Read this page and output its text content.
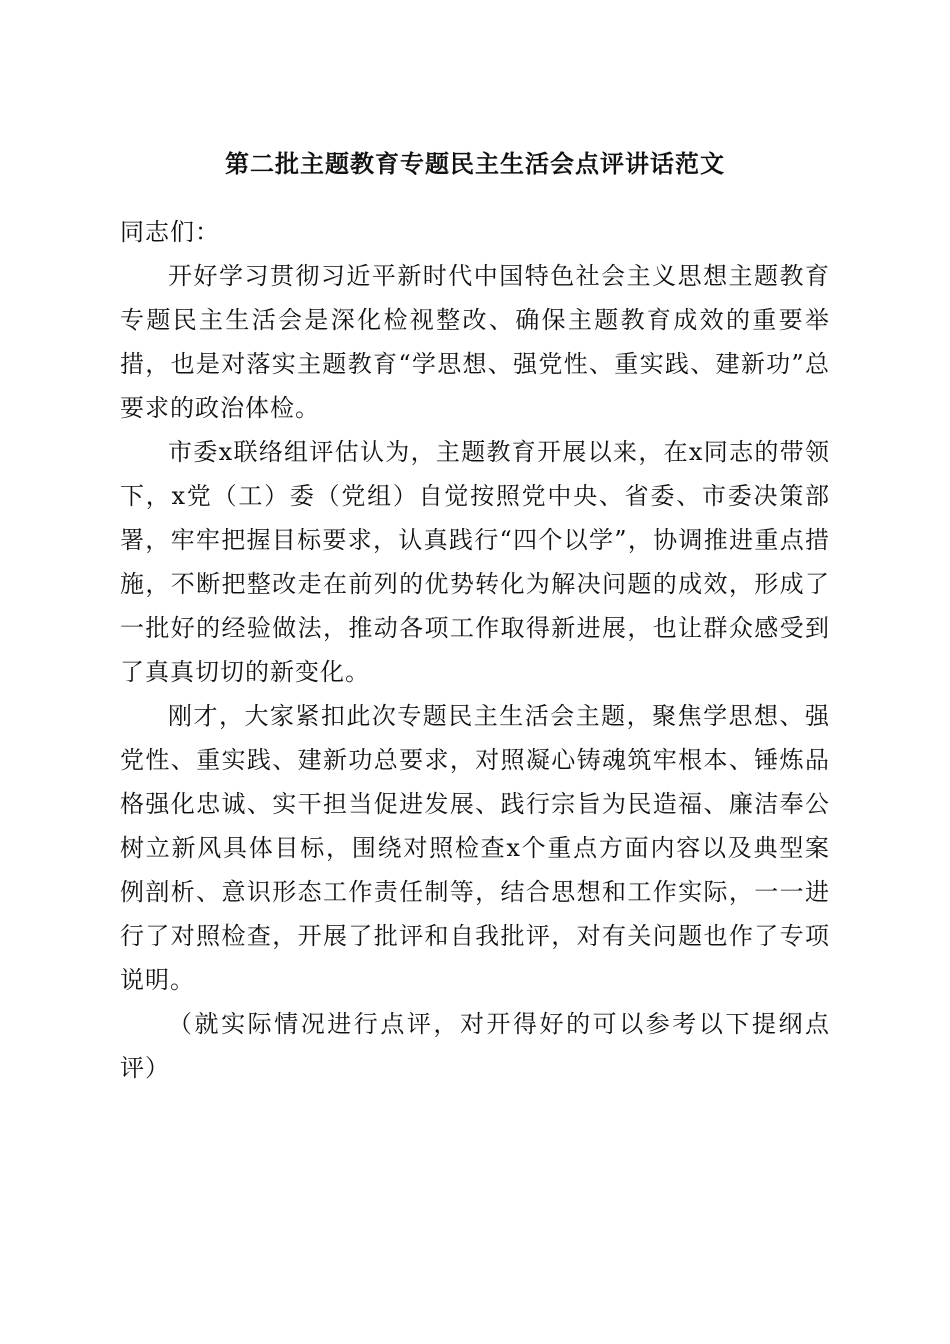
第二批主题教育专题民主生活会点评讲话范文

同志们：

开好学习贯彻习近平新时代中国特色社会主义思想主题教育专题民主生活会是深化检视整改、确保主题教育成效的重要举措，也是对落实主题教育“学思想、强党性、重实践、建新功”总要求的政治体检。

市委x联络组评估认为，主题教育开展以来，在x同志的带领下，x党（工）委（党组）自觉按照党中央、省委、市委决策部署，牢牢把握目标要求，认真践行“四个以学”，协调推进重点措施，不断把整改走在前列的优势转化为解决问题的成效，形成了一批好的经验做法，推动各项工作取得新进展，也让群众感受到了真真切切的新变化。

刚才，大家紧扣此次专题民主生活会主题，聚焦学思想、强党性、重实践、建新功总要求，对照凝心铸魂筑牢根本、锤炼品格强化忠诚、实干担当促进发展、践行宗旨为民造福、廉洁奉公树立新风具体目标，围绕对照检查x个重点方面内容以及典型案例剖析、意识形态工作责任制等，结合思想和工作实际，一一进行了对照检查，开展了批评和自我批评，对有关问题也作了专项说明。

（就实际情况进行点评，对开得好的可以参考以下提纲点评）
